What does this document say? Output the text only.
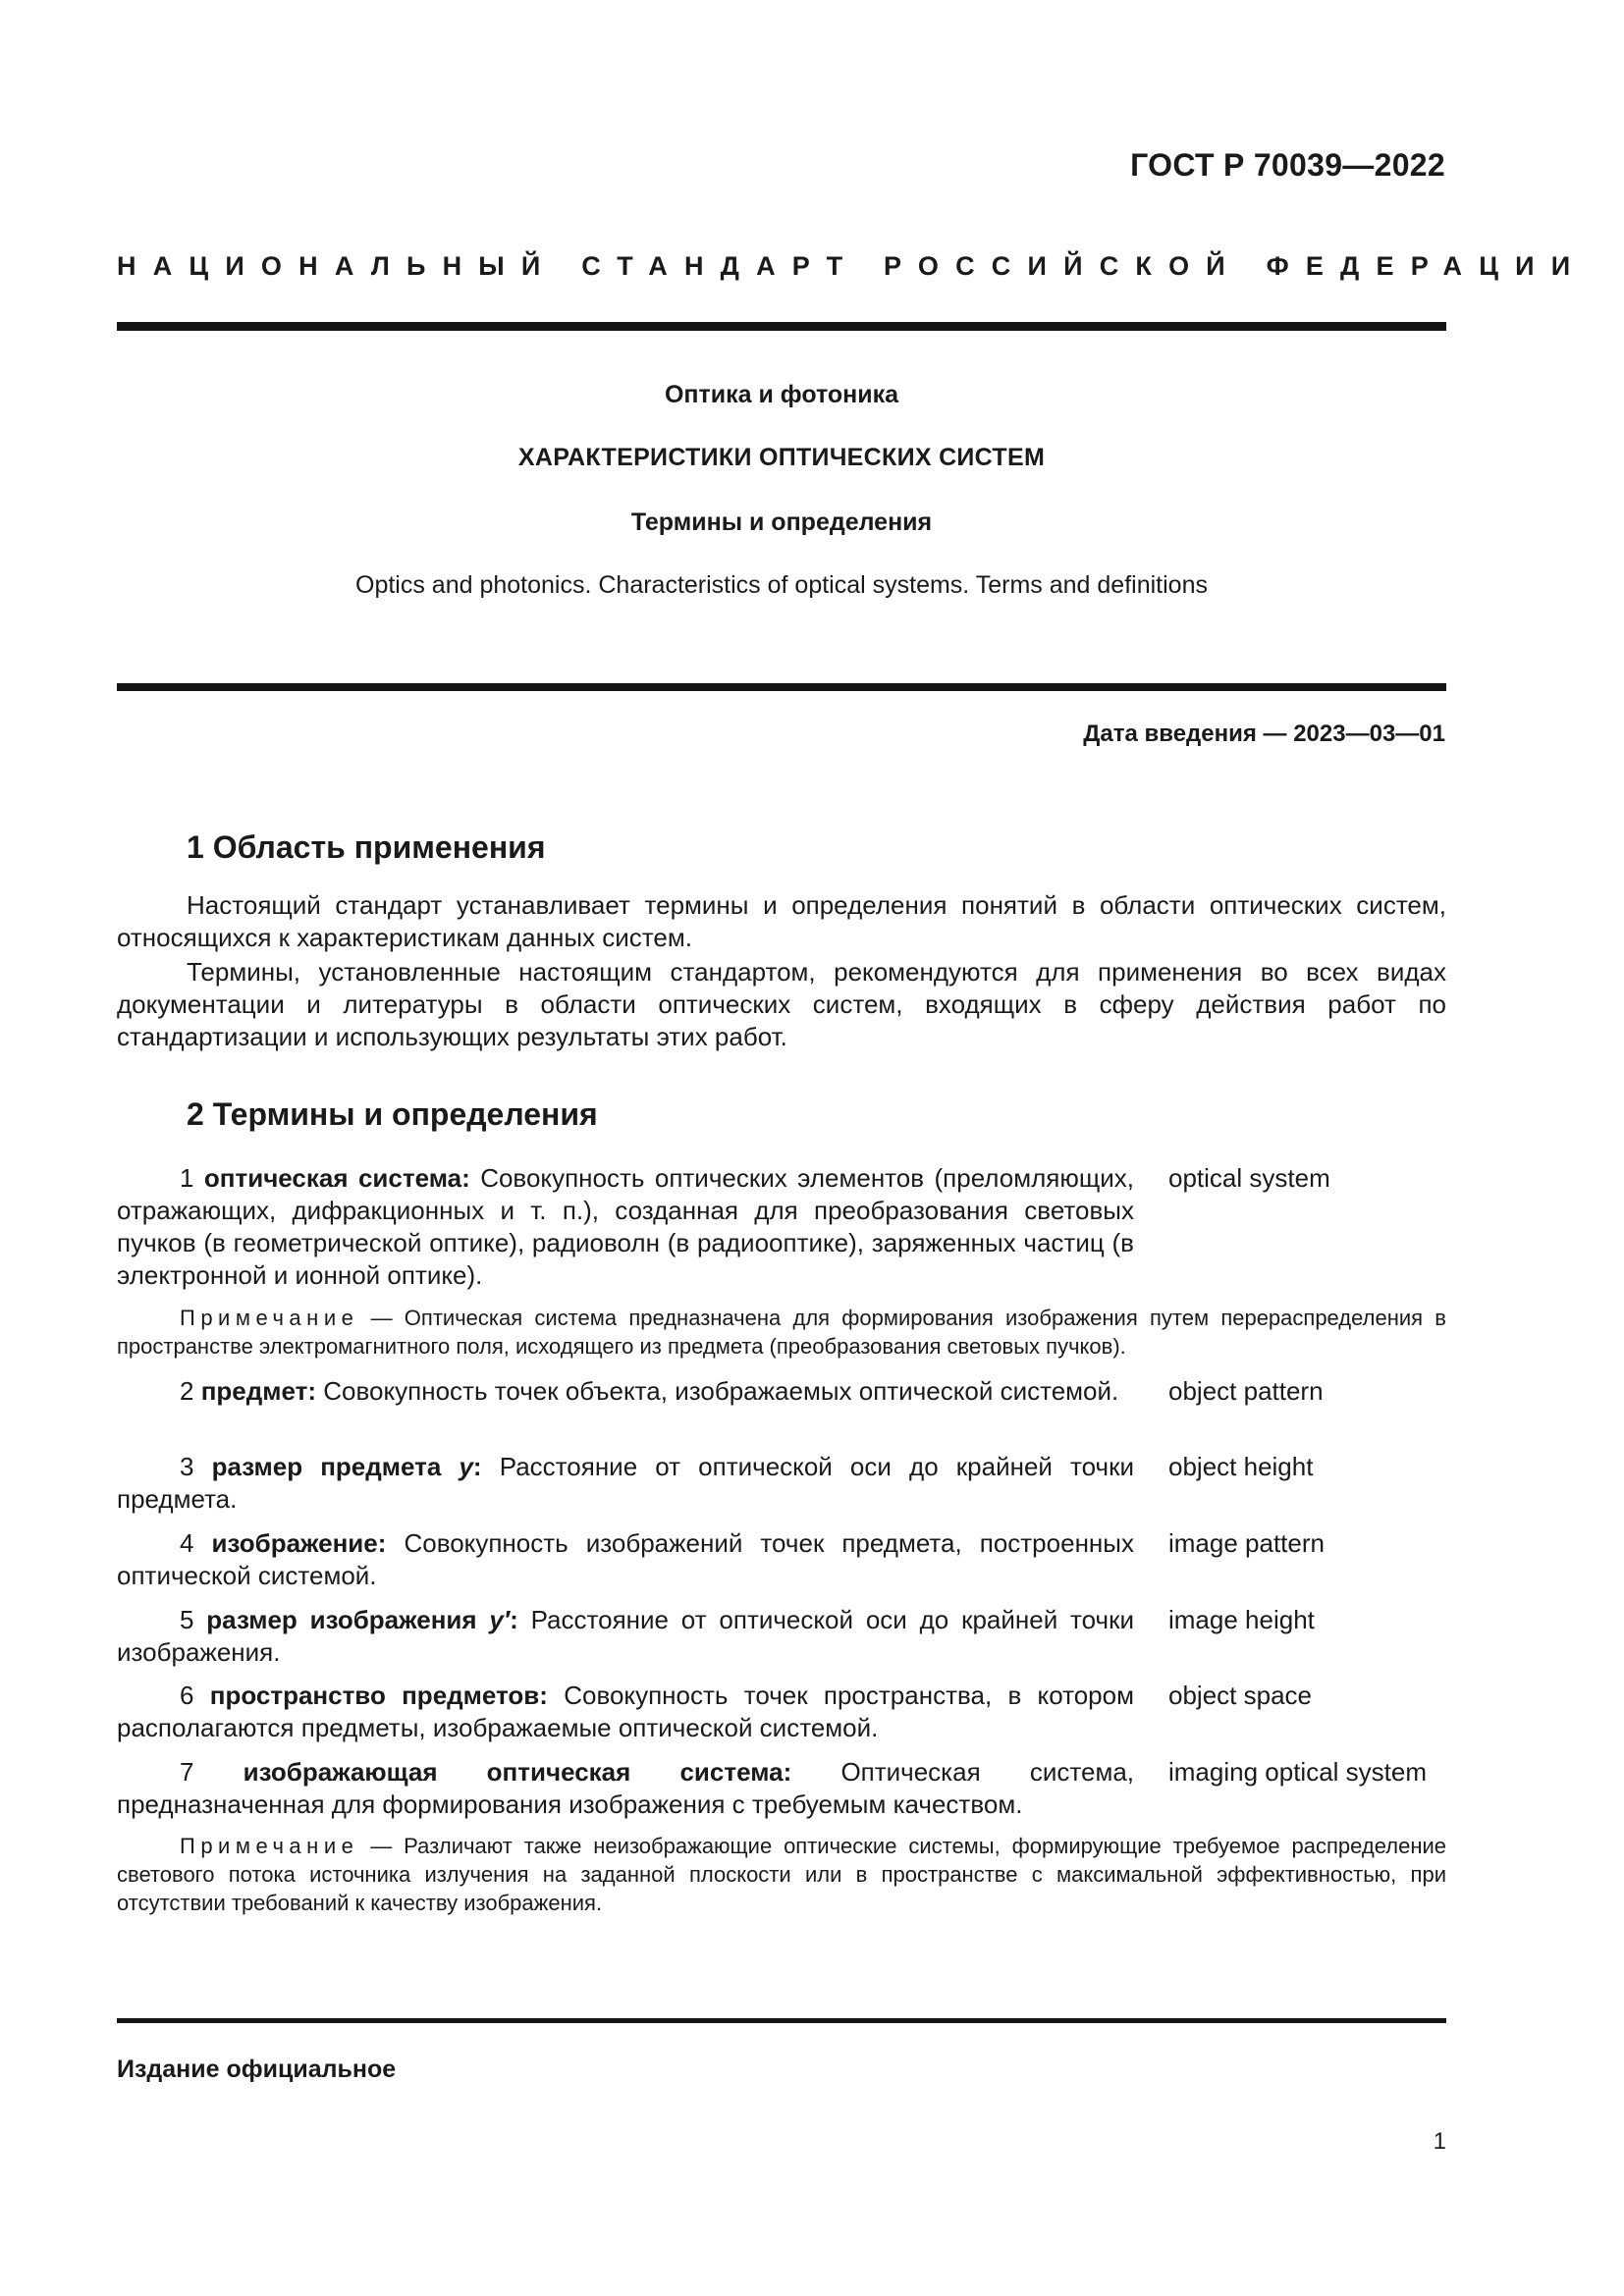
ГОСТ Р 70039—2022
НАЦИОНАЛЬНЫЙ СТАНДАРТ РОССИЙСКОЙ ФЕДЕРАЦИИ
Оптика и фотоника
ХАРАКТЕРИСТИКИ ОПТИЧЕСКИХ СИСТЕМ
Термины и определения
Optics and photonics. Characteristics of optical systems. Terms and definitions
Дата введения — 2023—03—01
1 Область применения
Настоящий стандарт устанавливает термины и определения понятий в области оптических систем, относящихся к характеристикам данных систем.
Термины, установленные настоящим стандартом, рекомендуются для применения во всех видах документации и литературы в области оптических систем, входящих в сферу действия работ по стандартизации и использующих результаты этих работ.
2 Термины и определения
1 оптическая система: Совокупность оптических элементов (преломляющих, отражающих, дифракционных и т. п.), созданная для преобразования световых пучков (в геометрической оптике), радиоволн (в радиооптике), заряженных частиц (в электронной и ионной оптике).
optical system
Примечание — Оптическая система предназначена для формирования изображения путем перераспределения в пространстве электромагнитного поля, исходящего из предмета (преобразования световых пучков).
2 предмет: Совокупность точек объекта, изображаемых оптической системой.	object pattern
3 размер предмета y: Расстояние от оптической оси до крайней точки предмета.
object height
4 изображение: Совокупность изображений точек предмета, построенных оптической системой.
image pattern
5 размер изображения y′: Расстояние от оптической оси до крайней точки изображения.
image height
6 пространство предметов: Совокупность точек пространства, в котором располагаются предметы, изображаемые оптической системой.
object space
7 изображающая оптическая система: Оптическая система, предназначенная для формирования изображения с требуемым качеством.
imaging optical system
Примечание — Различают также неизображающие оптические системы, формирующие требуемое распределение светового потока источника излучения на заданной плоскости или в пространстве с максимальной эффективностью, при отсутствии требований к качеству изображения.
Издание официальное
1
